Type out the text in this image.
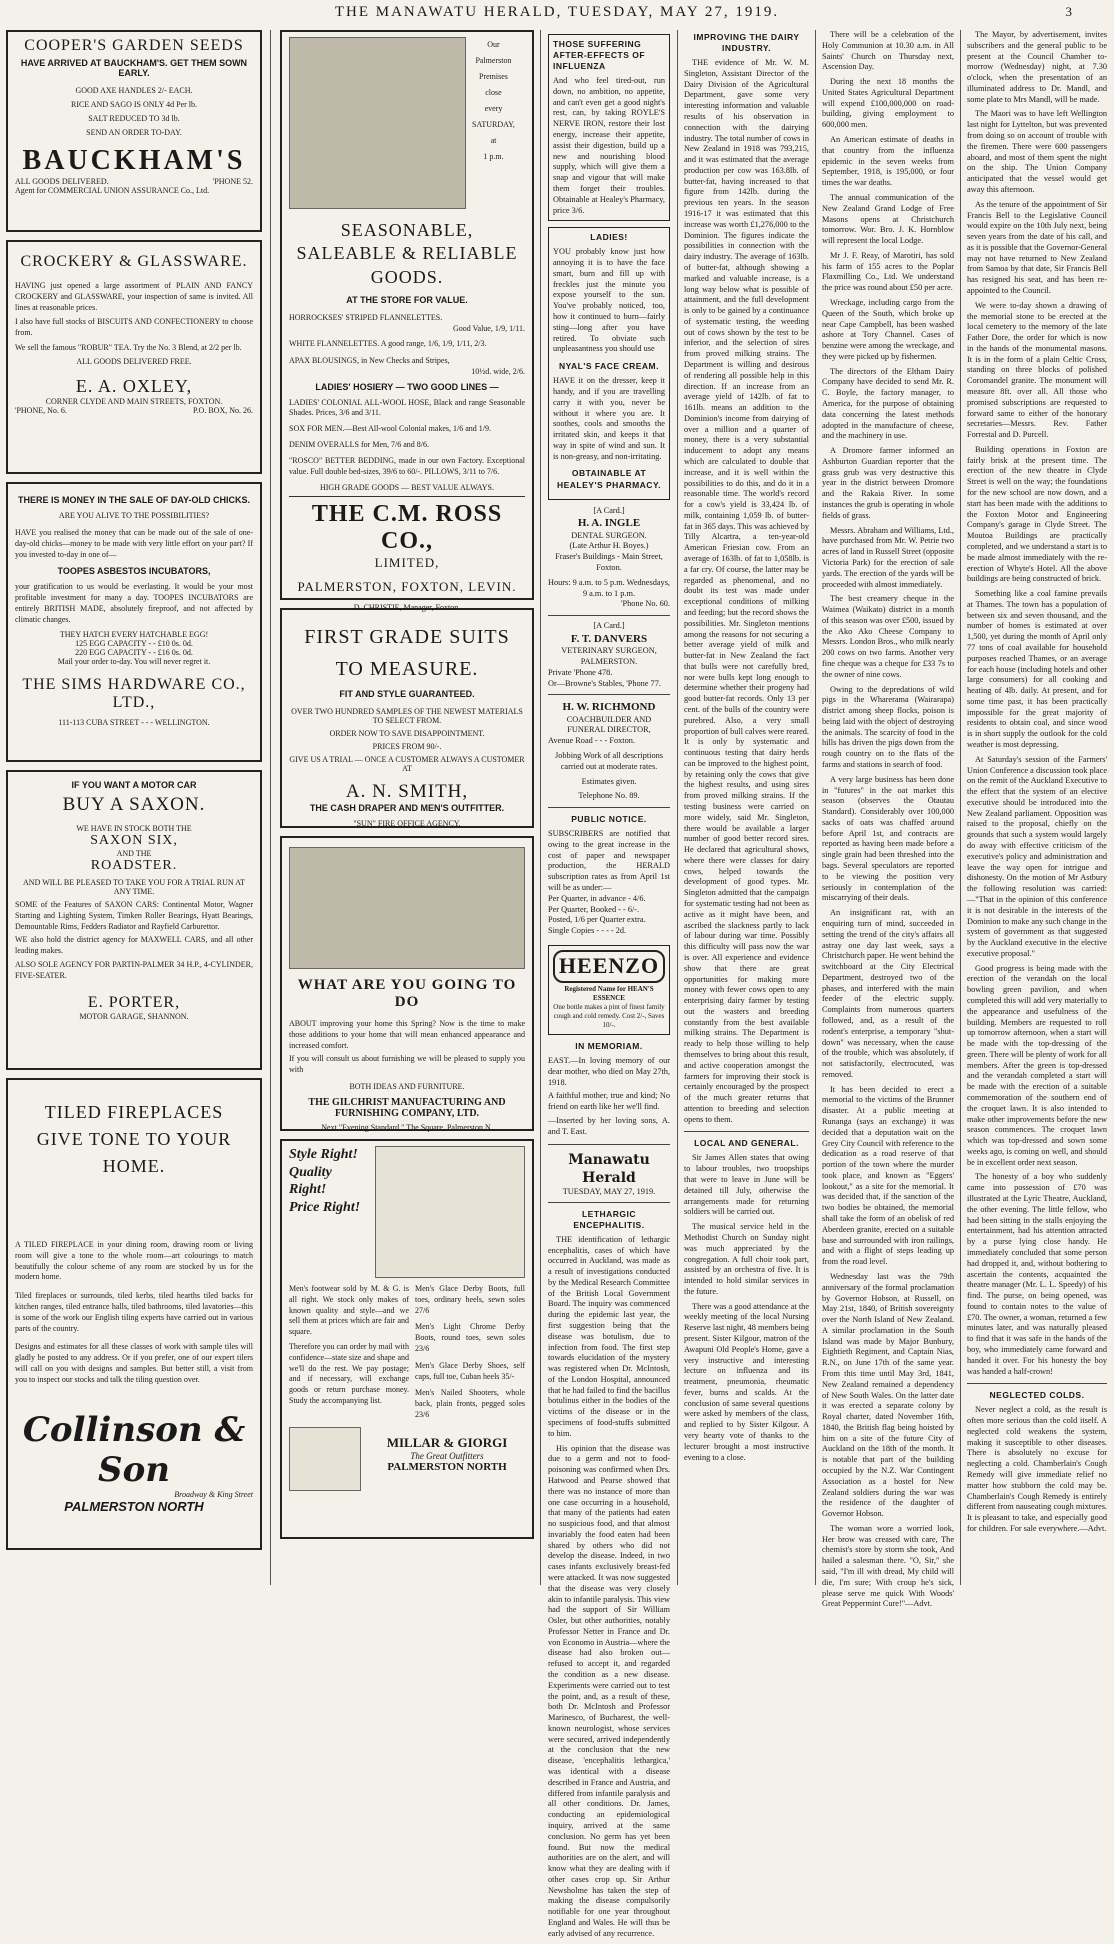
THE MANAWATU HERALD, TUESDAY, MAY 27, 1919.	3
COOPER'S GARDEN SEEDS
HAVE ARRIVED AT BAUCKHAM'S. GET THEM SOWN EARLY.
GOOD AXE HANDLES 2/- EACH.
RICE AND SAGO IS ONLY 4d Per lb.
SALT REDUCED TO 3d lb.
SEND AN ORDER TO-DAY.
BAUCKHAM'S
ALL GOODS DELIVERED.	'PHONE 52.
Agent for COMMERCIAL UNION ASSURANCE Co., Ltd.
CROCKERY & GLASSWARE.
HAVING just opened a large assortment of PLAIN AND FANCY CROCKERY and GLASSWARE, your inspection of same is invited. All lines at reasonable prices.
I also have full stocks of BISCUITS AND CONFECTIONERY to choose from.
We sell the famous "ROBUR" TEA. Try the No. 3 Blend, at 2/2 per lb.
ALL GOODS DELIVERED FREE.
E. A. OXLEY,
CORNER CLYDE AND MAIN STREETS, FOXTON.
'PHONE, No. 6.	P.O. BOX, No. 26.
THERE IS MONEY IN THE SALE OF DAY-OLD CHICKS.
ARE YOU ALIVE TO THE POSSIBILITIES?
HAVE you realised the money that can be made out of the sale of one-day-old chicks—money to be made with very little effort on your part? If you invested to-day in one of—
TOOPES ASBESTOS INCUBATORS,
your gratification to us would be everlasting. It would be your most profitable investment for many a day. TOOPES INCUBATORS are entirely BRITISH MADE, absolutely fireproof, and not affected by climatic changes.
THEY HATCH EVERY HATCHABLE EGG!
125 EGG CAPACITY - - £10 0s. 0d.
220 EGG CAPACITY - - £16 0s. 0d.
Mail your order to-day. You will never regret it.
THE SIMS HARDWARE CO., LTD.,
111-113 CUBA STREET - - - WELLINGTON.
IF YOU WANT A MOTOR CAR
BUY A SAXON.
WE HAVE IN STOCK BOTH THE
SAXON SIX,
AND THE
ROADSTER.
AND WILL BE PLEASED TO TAKE YOU FOR A TRIAL RUN AT ANY TIME.
SOME of the Features of SAXON CARS: Continental Motor, Wagner Starting and Lighting System, Timken Roller Bearings, Hyatt Bearings, Demountable Rims, Fedders Radiator and Rayfield Carburettor.
WE also hold the district agency for MAXWELL CARS, and all other leading makes.
ALSO SOLE AGENCY FOR PARTIN-PALMER 34 H.P., 4-CYLINDER, FIVE-SEATER.
E. PORTER,
MOTOR GARAGE, SHANNON.
TILED FIREPLACES GIVE TONE TO YOUR HOME.
A TILED FIREPLACE in your dining room, drawing room or living room will give a tone to the whole room—art colourings to match beautifully the colour scheme of any room are stocked by us for the modern home.
Tiled fireplaces or surrounds, tiled kerbs, tiled hearths tiled backs for kitchen ranges, tiled entrance halls, tiled bathrooms, tiled lavatories—this is some of the work our English tiling experts have carried out in various parts of the country.
Designs and estimates for all these classes of work with sample tiles will gladly be posted to any address. Or if you prefer, one of our expert tilers will call on you with designs and samples. But better still, a visit from you to inspect our stocks and talk the tiling question over.
Collinson & Son
Broadway & King Street
PALMERSTON NORTH
Our
Palmerston
Premises
close
every
SATURDAY,
at
1 p.m.
SEASONABLE, SALEABLE & RELIABLE GOODS.
AT THE STORE FOR VALUE.
HORROCKSES' STRIPED FLANNELETTES.
Good Value, 1/9, 1/11.
WHITE FLANNELETTES. A good range, 1/6, 1/9, 1/11, 2/3.
APAX BLOUSINGS, in New Checks and Stripes,
10½d. wide, 2/6.
LADIES' HOSIERY — TWO GOOD LINES —
LADIES' COLONIAL ALL-WOOL HOSE, Black and range Seasonable Shades. Prices, 3/6 and 3/11.
SOX FOR MEN.—Best All-wool Colonial makes, 1/6 and 1/9.
DENIM OVERALLS for Men, 7/6 and 8/6.
"ROSCO" BETTER BEDDING, made in our own Factory. Exceptional value. Full double bed-sizes, 39/6 to 60/-. PILLOWS, 3/11 to 7/6.
HIGH GRADE GOODS — BEST VALUE ALWAYS.
THE C.M. ROSS CO.,
LIMITED,
PALMERSTON, FOXTON, LEVIN.
D. CHRISTIE, Manager, Foxton.
FIRST GRADE SUITS TO MEASURE.
FIT AND STYLE GUARANTEED.
OVER TWO HUNDRED SAMPLES OF THE NEWEST MATERIALS TO SELECT FROM.
ORDER NOW TO SAVE DISAPPOINTMENT.
PRICES FROM 90/-.
GIVE US A TRIAL — ONCE A CUSTOMER ALWAYS A CUSTOMER AT
A. N. SMITH,
THE CASH DRAPER AND MEN'S OUTFITTER.
"SUN" FIRE OFFICE AGENCY.
WHAT ARE YOU GOING TO DO
ABOUT improving your home this Spring? Now is the time to make those additions to your home that will mean enhanced appearance and increased comfort.
If you will consult us about furnishing we will be pleased to supply you with
BOTH IDEAS AND FURNITURE.
THE GILCHRIST MANUFACTURING AND FURNISHING COMPANY, LTD.
Next "Evening Standard," The Square, Palmerston N.
Style Right!
Quality Right!
Price Right!
Men's footwear sold by M. & G. is all right. We stock only makes of known quality and style—and we sell them at prices which are fair and square.
Therefore you can order by mail with confidence—state size and shape and we'll do the rest. We pay postage; and if necessary, will exchange goods or return purchase money. Study the accompanying list.
Men's Glace Derby Boots, full toes, ordinary heels, sewn soles 27/6
Men's Light Chrome Derby Boots, round toes, sewn soles 23/6
Men's Glace Derby Shoes, self caps, full toe, Cuban heels 35/-
Men's Nailed Shooters, whole back, plain fronts, pegged soles 23/6
MILLAR & GIORGI
The Great Outfitters
PALMERSTON NORTH
THOSE SUFFERING AFTER-EFFECTS OF INFLUENZA
And who feel tired-out, run down, no ambition, no appetite, and can't even get a good night's rest, can, by taking ROYLE'S NERVE IRON, restore their lost energy, increase their appetite, assist their digestion, build up a new and nourishing blood supply, which will give them a snap and vigour that will make them forget their troubles. Obtainable at Healey's Pharmacy, price 3/6.
LADIES!
YOU probably know just how annoying it is to have the face smart, burn and fill up with freckles just the minute you expose yourself to the sun. You've probably noticed, too, how it continued to burn—fairly sting—long after you have retired. To obviate such unpleasantness you should use
NYAL'S FACE CREAM.
HAVE it on the dresser, keep it handy, and if you are travelling carry it with you, never be without it where you are. It soothes, cools and smooths the irritated skin, and keeps it that way in spite of wind and sun. It is non-greasy, and non-irritating.
OBTAINABLE AT HEALEY'S PHARMACY.
[A Card.]
H. A. INGLE
DENTAL SURGEON.
(Late Arthur H. Boyes.)
Fraser's Buildings - Main Street, Foxton.
Hours: 9 a.m. to 5 p.m. Wednesdays, 9 a.m. to 1 p.m.
'Phone No. 60.
[A Card.]
F. T. DANVERS
VETERINARY SURGEON, PALMERSTON.
Private 'Phone 478.
Or—Browne's Stables, 'Phone 77.
H. W. RICHMOND
COACHBUILDER AND FUNERAL DIRECTOR,
Avenue Road - - - Foxton.
Jobbing Work of all descriptions carried out at moderate rates.
Estimates given.
Telephone No. 89.
PUBLIC NOTICE.
SUBSCRIBERS are notified that owing to the great increase in the cost of paper and newspaper production, the HERALD subscription rates as from April 1st will be as under:—
Per Quarter, in advance - 4/6.
Per Quarter, Booked - - 6/-.
Posted, 1/6 per Quarter extra.
Single Copies - - - - 2d.
HEENZO
Registered Name for HEAN'S ESSENCE
One bottle makes a pint of finest family cough and cold remedy. Cost 2/-, Saves 10/-.
IN MEMORIAM.
EAST.—In loving memory of our dear mother, who died on May 27th, 1918.
A faithful mother, true and kind; No friend on earth like her we'll find.
—Inserted by her loving sons, A. and T. East.
Manawatu Herald
TUESDAY, MAY 27, 1919.
LETHARGIC ENCEPHALITIS.

THE identification of lethargic encephalitis, cases of which have occurred in Auckland, was made as a result of investigations conducted by the Medical Research Committee of the British Local Government Board. The inquiry was commenced during the epidemic last year, the first suggestion being that the disease was botulism, due to infection from food. The first step towards elucidation of the mystery was registered when Dr. McIntosh, of the London Hospital, announced that he had failed to find the bacillus botulinus either in the bodies of the victims of the disease or in the specimens of food-stuffs submitted to him.

His opinion that the disease was due to a germ and not to food-poisoning was confirmed when Drs. Hatwood and Pearse showed that there was no instance of more than one case occurring in a household, that many of the patients had eaten no suspicious food, and that almost invariably the food eaten had been shared by others who did not develop the disease. Indeed, in two cases infants exclusively breast-fed were attacked. It was now suggested that the disease was very closely akin to infantile paralysis. This view had the support of Sir William Osler, but other authorities, notably Professor Netter in France and Dr. von Economo in Austria—where the disease had also broken out—refused to accept it, and regarded the condition as a new disease. Experiments were carried out to test the point, and, as a result of these, both Dr. McIntosh and Professor Marinesco, of Bucharest, the well-known neurologist, whose services were secured, arrived independently at the conclusion that the new disease, 'encephalitis lethargica,' was identical with a disease described in France and Austria, and differed from infantile paralysis and all other conditions. Dr. James, conducting an epidemiological inquiry, arrived at the same conclusion. No germ has yet been found. But now the medical authorities are on the alert, and will know what they are dealing with if other cases crop up. Sir Arthur Newsholme has taken the step of making the disease compulsorily notifiable for one year throughout England and Wales. He will thus be early advised of any recurrence.

IMPROVING THE DAIRY INDUSTRY.

THE evidence of Mr. W. M. Singleton, Assistant Director of the Dairy Division of the Agricultural Department, gave some very interesting information and valuable results of his observation in connection with the dairying industry. The total number of cows in New Zealand in 1918 was 793,215, and it was estimated that the average production per cow was 163.8lb. of butter-fat, having increased to that figure from 142lb. during the previous ten years. In the season 1916-17 it was estimated that this increase was worth £1,276,000 to the Dominion. The figures indicate the possibilities in connection with the dairy industry. The average of 163lb. of butter-fat, although showing a marked and valuable increase, is a long way below what is possible of attainment, and the full development is only to be gained by a continuance of systematic testing, the weeding out of cows shown by the test to be inferior, and the selection of sires from proved milking strains. The Department is willing and desirous of rendering all possible help in this direction. If an increase from an average yield of 142lb. of fat to 161lb. means an addition to the Dominion's income from dairying of over a million and a quarter of money, there is a very substantial inducement to adopt any means which are calculated to double that increase, and it is well within the possibilities to do this, and do it in a reasonable time. The world's record for a cow's yield is 33,424 lb. of milk, containing 1,059 lb. of butter-fat in 365 days. This was achieved by Tilly Alcartra, a ten-year-old American Friesian cow. From an average of 163lb. of fat to 1,058lb. is a far cry. Of course, the latter may be regarded as phenomenal, and no doubt its test was made under exceptional conditions of milking and feeding; but the record shows the possibilities. Mr. Singleton mentions among the reasons for not securing a better average yield of milk and butter-fat in New Zealand the fact that bulls were not carefully bred, nor were bulls kept long enough to determine whether their progeny had good butter-fat records. Only 13 per cent. of the bulls of the country were purebred. Also, a very small proportion of bull calves were reared. It is only by systematic and continuous testing that dairy herds can be improved to the highest point, by retaining only the cows that give the highest results, and using sires from proved milking strains. If the testing business were carried on more widely, said Mr. Singleton, there would be available a larger number of good better record sires. He declared that agricultural shows, where there were classes for dairy cows, helped towards the development of good types. Mr. Singleton admitted that the campaign for systematic testing had not been as active as it might have been, and ascribed the slackness partly to lack of labour during war time. Possibly this difficulty will pass now the war is over. All experience and evidence show that there are great opportunities for making more money with fewer cows open to any enterprising dairy farmer by testing out the wasters and breeding constantly from the best available milking strains. The Department is ready to help those willing to help themselves to bring about this result, and active cooperation amongst the farmers for improving their stock is certainly encouraged by the prospect of the much greater returns that attention to breeding and selection opens to them.

LOCAL AND GENERAL.

Sir James Allen states that owing to labour troubles, two troopships that were to leave in June will be detained till July, otherwise the arrangements made for returning soldiers will be carried out.

The musical service held in the Methodist Church on Sunday night was much appreciated by the congregation. A full choir took part, assisted by an orchestra of five. It is intended to hold similar services in the future.

There was a good attendance at the weekly meeting of the local Nursing Reserve last night, 48 members being present. Sister Kilgour, matron of the Awapuni Old People's Home, gave a very instructive and interesting lecture on influenza and its treatment, pneumonia, rheumatic fever, burns and scalds. At the conclusion of same several questions were asked by members of the class, and replied to by Sister Kilgour. A very hearty vote of thanks to the lecturer brought a most instructive evening to a close.

There will be a celebration of the Holy Communion at 10.30 a.m. in All Saints' Church on Thursday next, Ascension Day.

During the next 18 months the United States Agricultural Department will expend £100,000,000 on road-building, giving employment to 600,000 men.

An American estimate of deaths in that country from the influenza epidemic in the seven weeks from September, 1918, is 195,000, or four times the war deaths.

The annual communication of the New Zealand Grand Lodge of Free Masons opens at Christchurch tomorrow. Wor. Bro. J. K. Hornblow will represent the local Lodge.

Mr J. F. Reay, of Marotiri, has sold his farm of 155 acres to the Poplar Flaxmilling Co., Ltd. We understand the price was round about £50 per acre.

Wreckage, including cargo from the Queen of the South, which broke up near Cape Campbell, has been washed ashore at Tory Channel. Cases of benzine were among the wreckage, and they were picked up by fishermen.

The directors of the Eltham Dairy Company have decided to send Mr. R. C. Boyle, the factory manager, to America, for the purpose of obtaining data concerning the latest methods adopted in the manufacture of cheese, and the machinery in use.

A Dromore farmer informed an Ashburton Guardian reporter that the grass grub was very destructive this year in the district between Dromore and the Rakaia River. In some instances the grub is operating in whole fields of grass.

Messrs. Abraham and Williams, Ltd., have purchased from Mr. W. Petrie two acres of land in Russell Street (opposite Victoria Park) for the erection of sale yards. The erection of the yards will be proceeded with almost immediately.

The best creamery cheque in the Waimea (Waikato) district in a month of this season was over £500, issued by the Ako Ako Cheese Company to Messrs. London Bros., who milk nearly 200 cows on two farms. Another very fine cheque was a cheque for £33 7s to the owner of nine cows.

Owing to the depredations of wild pigs in the Wharerama (Wairarapa) district among sheep flocks, poison is being laid with the object of destroying the animals. The scarcity of food in the hills has driven the pigs down from the rough country on to the flats of the farms and stations in search of food.

A very large business has been done in "futures" in the oat market this season (observes the Otautau Standard). Considerably over 100,000 sacks of oats was chaffed around before April 1st, and contracts are reported as having been made before a single grain had been threshed into the bags. Several speculators are reported to be viewing the position very seriously in contemplation of the miscarrying of their deals.

An insignificant rat, with an enquiring turn of mind, succeeded in setting the trend of the city's affairs all astray one day last week, says a Christchurch paper. He went behind the switchboard at the City Electrical Department, destroyed two of the phases, and interfered with the main feeder of the electric supply. Complaints from numerous quarters followed, and, as a result of the rodent's enterprise, a temporary "shut-down" was necessary, when the cause of the trouble, which was absolutely, if not satisfactorily, electrocuted, was removed.

It has been decided to erect a memorial to the victims of the Brunner disaster. At a public meeting at Runanga (says an exchange) it was decided that a deputation wait on the Grey City Council with reference to the dedication as a road reserve of that portion of the town where the murder took place, and known as "Eggers' lookout," as a site for the memorial. It was decided that, if the sanction of the two bodies be obtained, the memorial shall take the form of an obelisk of red Aberdeen granite, erected on a suitable base and surrounded with iron railings, and with a flight of steps leading up from the road level.

Wednesday last was the 79th anniversary of the formal proclamation by Governor Hobson, at Russell, on May 21st, 1840, of British sovereignty over the North Island of New Zealand. A similar proclamation in the South Island was made by Major Bunbury, Eightieth Regiment, and Captain Nias, R.N., on June 17th of the same year. From this time until May 3rd, 1841, New Zealand remained a dependency of New South Wales. On the latter date it was erected a separate colony by Royal charter, dated November 16th, 1840, the British flag being hoisted by him on a site of the future City of Auckland on the 18th of the month. It is notable that part of the building occupied by the N.Z. War Contingent Association as a hostel for New Zealand soldiers during the war was the residence of the daughter of Governor Hobson.

The woman wore a worried look, Her brow was creased with care, The chemist's store by storm she took, And hailed a salesman there. "O, Sir," she said, "I'm ill with dread, My child will die, I'm sure; With croup he's sick, please serve me quick With Woods' Great Peppermint Cure!"—Advt.

The Mayor, by advertisement, invites subscribers and the general public to be present at the Council Chamber to-morrow (Wednesday) night, at 7.30 o'clock, when the presentation of an illuminated address to Dr. Mandl, and some plate to Mrs Mandl, will be made.

The Maori was to have left Wellington last night for Lyttelton, but was prevented from doing so on account of trouble with the firemen. There were 600 passengers aboard, and most of them spent the night on the ship. The Union Company anticipated that the vessel would get away this afternoon.

As the tenure of the appointment of Sir Francis Bell to the Legislative Council would expire on the 10th July next, being seven years from the date of his call, and as it is possible that the Governor-General may not have returned to New Zealand from Samoa by that date, Sir Francis Bell has resigned his seat, and has been re-appointed to the Council.

We were to-day shown a drawing of the memorial stone to be erected at the local cemetery to the memory of the late Father Dore, the order for which is now in the hands of the monumental masons. It is in the form of a plain Celtic Cross, standing on three blocks of polished Coromandel granite. The monument will measure 8ft. over all. All those who promised subscriptions are requested to forward same to either of the honorary secretaries—Messrs. Rev. Father Forrestal and D. Purcell.

Building operations in Foxton are fairly brisk at the present time. The erection of the new theatre in Clyde Street is well on the way; the foundations for the new school are now down, and a start has been made with the additions to the Foxton Motor and Engineering Company's garage in Clyde Street. The Moutoa Buildings are practically completed, and we understand a start is to be made almost immediately with the re-erection of Whyte's Hotel. All the above buildings are being constructed of brick.

Something like a coal famine prevails at Thames. The town has a population of between six and seven thousand, and the number of homes is estimated at over 1,500, yet during the month of April only 77 tons of coal available for household purposes reached Thames, or an average for each house (including hotels and other large consumers) for all cooking and heating of 4lb. daily. At present, and for some time past, it has been practically impossible for the great majority of residents to obtain coal, and since wood is in short supply the outlook for the cold weather is most depressing.

At Saturday's session of the Farmers' Union Conference a discussion took place on the remit of the Auckland Executive to the effect that the system of an elective executive should be introduced into the New Zealand parliament. Opposition was raised to the proposal, chiefly on the grounds that such a system would largely do away with effective criticism of the executive's policy and administration and leave the way open for intrigue and dishonesty. On the motion of Mr Astbury the following resolution was carried:—"That in the opinion of this conference it is not desirable in the interests of the Dominion to make any such change in the system of government as that suggested by the Auckland executive in the elective executive proposal."

Good progress is being made with the erection of the verandah on the local bowling green pavilion, and when completed this will add very materially to the appearance and usefulness of the building. Members are requested to roll up tomorrow afternoon, when a start will be made with the top-dressing of the green. There will be plenty of work for all members. After the green is top-dressed and the verandah completed a start will be made with the erection of a suitable commemoration of the southern end of the croquet lawn. It is also intended to make other improvements before the new season commences. The croquet lawn which was top-dressed and sown some weeks ago, is coming on well, and should be in excellent order next season.

The honesty of a boy who suddenly came into possession of £70 was illustrated at the Lyric Theatre, Auckland, the other evening. The little fellow, who had been sitting in the stalls enjoying the entertainment, had his attention attracted by a purse lying close handy. He immediately concluded that some person had dropped it, and, without bothering to ascertain the contents, acquainted the theatre manager (Mr. L. L. Speedy) of his find. The purse, on being opened, was found to contain notes to the value of £70. The owner, a woman, returned a few minutes later, and was naturally pleased to find that it was safe in the hands of the boy, who immediately came forward and handed it over. For his honesty the boy was handed a half-crown!

NEGLECTED COLDS.

Never neglect a cold, as the result is often more serious than the cold itself. A neglected cold weakens the system, making it susceptible to other diseases. There is absolutely no excuse for neglecting a cold. Chamberlain's Cough Remedy will give immediate relief no matter how stubborn the cold may be. Chamberlain's Cough Remedy is entirely different from nauseating cough mixtures. It is pleasant to take, and especially good for children. For sale everywhere.—Advt.
